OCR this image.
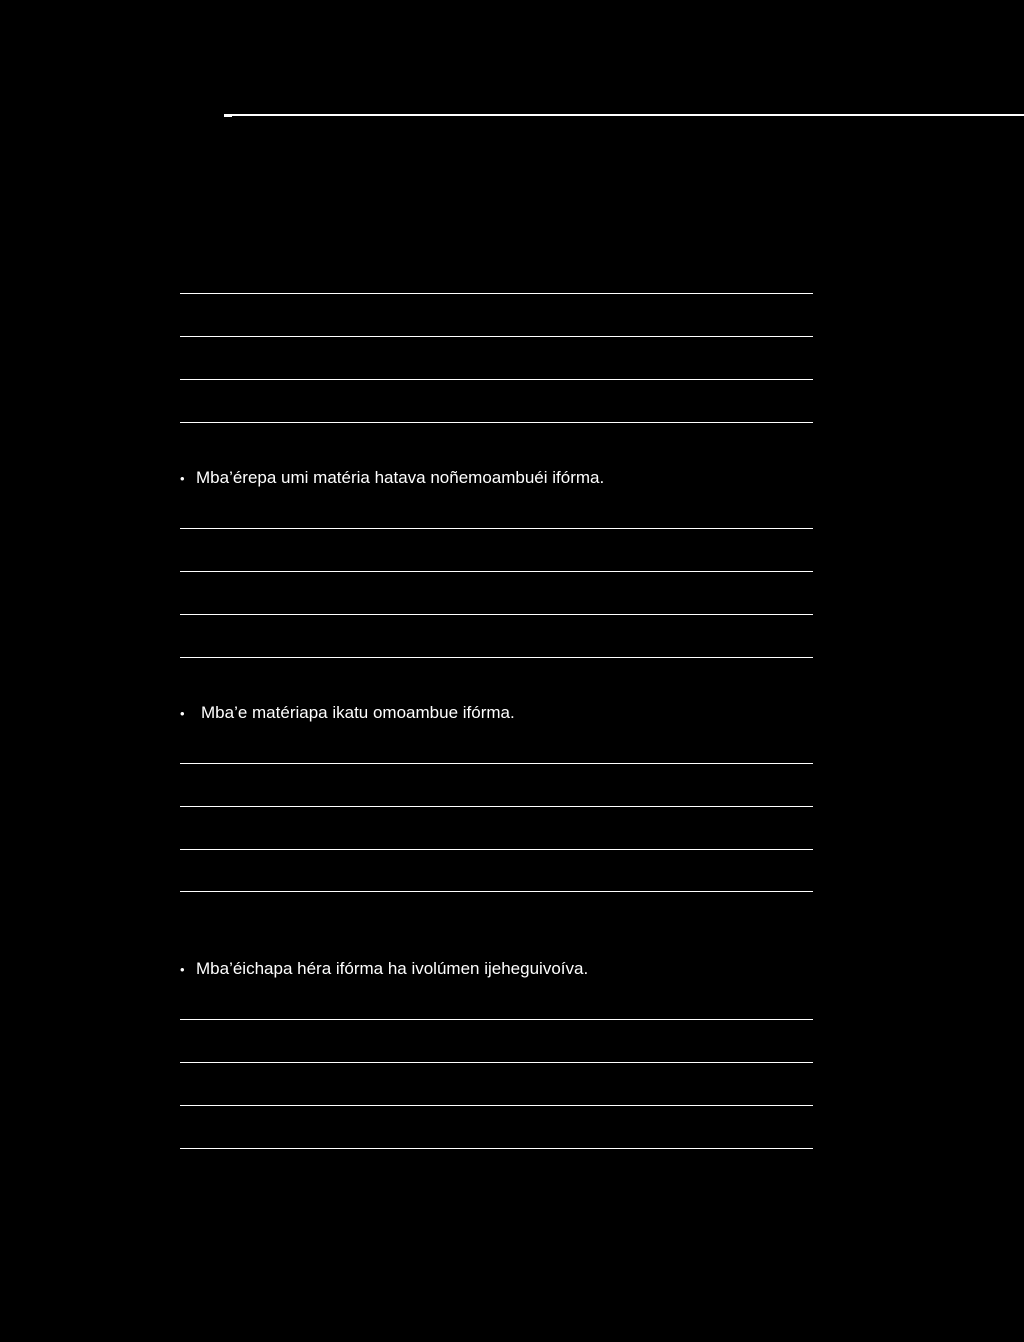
• Mba’érepa umi matéria hatava noñemoambuéi ifórma.
• Mba’e matériapa ikatu omoambue ifórma.
• Mba’éichapa héra ifórma ha ivolúmen ijeheguivoíva.
